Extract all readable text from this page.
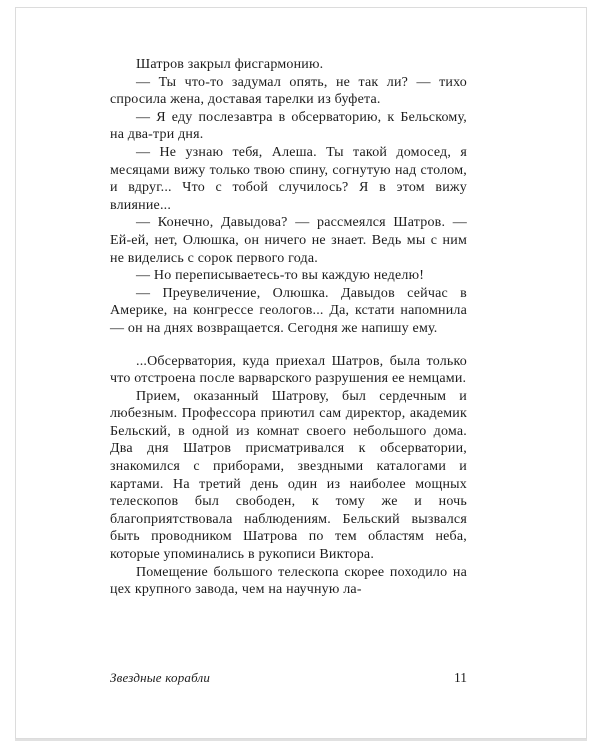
Шатров закрыл фисгармонию.

— Ты что-то задумал опять, не так ли? — тихо спросила жена, доставая тарелки из буфета.

— Я еду послезавтра в обсерваторию, к Бельскому, на два-три дня.

— Не узнаю тебя, Алеша. Ты такой домосед, я месяцами вижу только твою спину, согнутую над столом, и вдруг... Что с тобой случилось? Я в этом вижу влияние...

— Конечно, Давыдова? — рассмеялся Шатров. — Ей-ей, нет, Олюшка, он ничего не знает. Ведь мы с ним не виделись с сорок первого года.

— Но переписываетесь-то вы каждую неделю!

— Преувеличение, Олюшка. Давыдов сейчас в Америке, на конгрессе геологов... Да, кстати напомнила — он на днях возвращается. Сегодня же напишу ему.

...Обсерватория, куда приехал Шатров, была только что отстроена после варварского разрушения ее немцами.

Прием, оказанный Шатрову, был сердечным и любезным. Профессора приютил сам директор, академик Бельский, в одной из комнат своего небольшого дома. Два дня Шатров присматривался к обсерватории, знакомился с приборами, звездными каталогами и картами. На третий день один из наиболее мощных телескопов был свободен, к тому же и ночь благоприятствовала наблюдениям. Бельский вызвался быть проводником Шатрова по тем областям неба, которые упоминались в рукописи Виктора.

Помещение большого телескопа скорее походило на цех крупного завода, чем на научную ла-

Звездные корабли	11
